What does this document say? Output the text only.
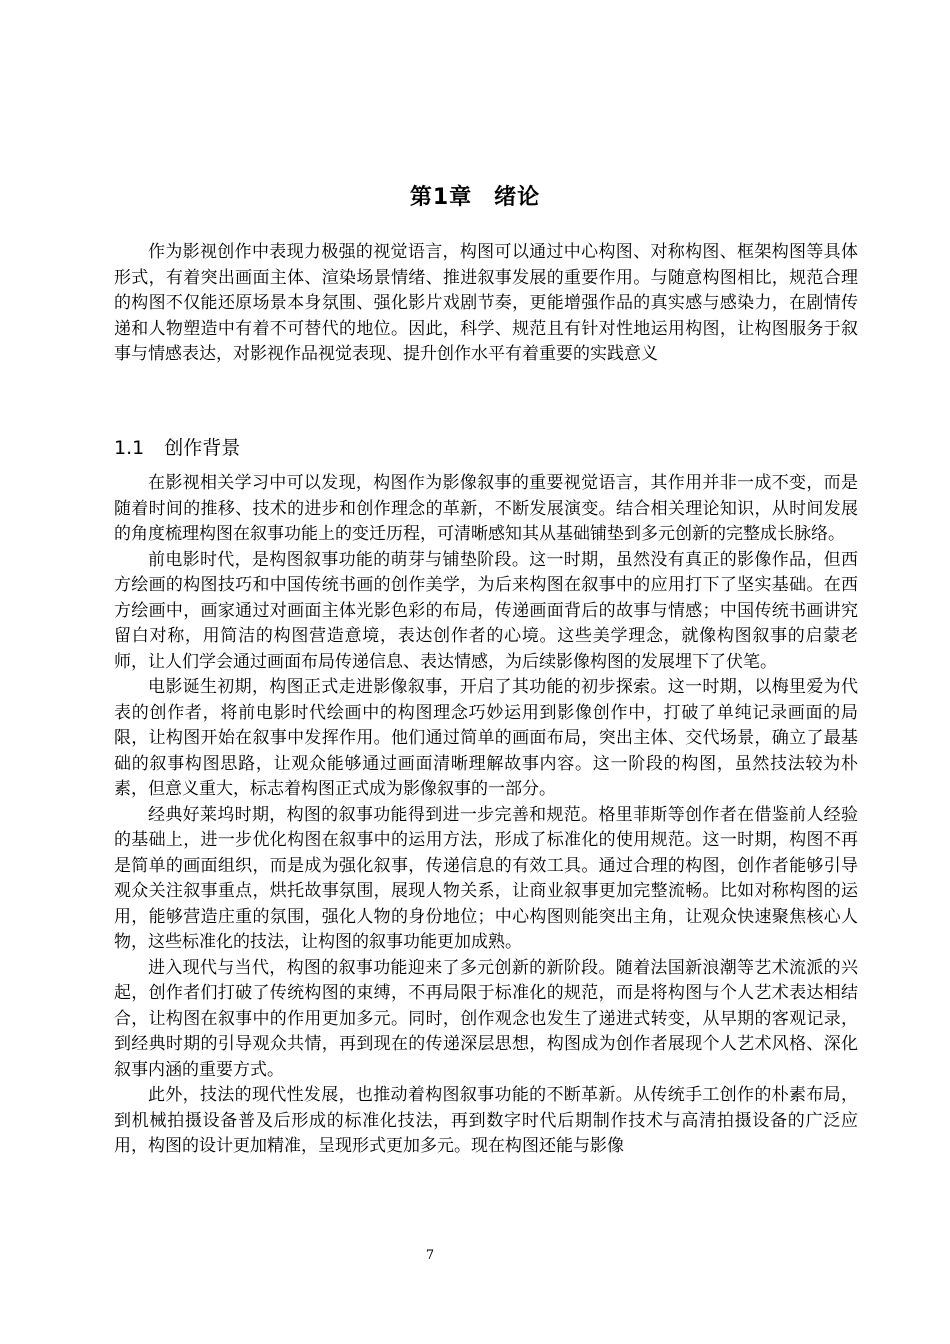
第1章 绪论

作为影视创作中表现力极强的视觉语言，构图可以通过中心构图、对称构图、框架构图等具体形式，有着突出画面主体、渲染场景情绪、推进叙事发展的重要作用。与随意构图相比，规范合理的构图不仅能还原场景本身氛围、强化影片戏剧节奏，更能增强作品的真实感与感染力，在剧情传递和人物塑造中有着不可替代的地位。因此，科学、规范且有针对性地运用构图，让构图服务于叙事与情感表达，对影视作品视觉表现、提升创作水平有着重要的实践意义

1.1 创作背景

在影视相关学习中可以发现，构图作为影像叙事的重要视觉语言，其作用并非一成不变，而是随着时间的推移、技术的进步和创作理念的革新，不断发展演变。结合相关理论知识，从时间发展的角度梳理构图在叙事功能上的变迁历程，可清晰感知其从基础铺垫到多元创新的完整成长脉络。

前电影时代，是构图叙事功能的萌芽与铺垫阶段。这一时期，虽然没有真正的影像作品，但西方绘画的构图技巧和中国传统书画的创作美学，为后来构图在叙事中的应用打下了坚实基础。在西方绘画中，画家通过对画面主体光影色彩的布局，传递画面背后的故事与情感；中国传统书画讲究留白对称，用简洁的构图营造意境，表达创作者的心境。这些美学理念，就像构图叙事的启蒙老师，让人们学会通过画面布局传递信息、表达情感，为后续影像构图的发展埋下了伏笔。

电影诞生初期，构图正式走进影像叙事，开启了其功能的初步探索。这一时期，以梅里爱为代表的创作者，将前电影时代绘画中的构图理念巧妙运用到影像创作中，打破了单纯记录画面的局限，让构图开始在叙事中发挥作用。他们通过简单的画面布局，突出主体、交代场景，确立了最基础的叙事构图思路，让观众能够通过画面清晰理解故事内容。这一阶段的构图，虽然技法较为朴素，但意义重大，标志着构图正式成为影像叙事的一部分。

经典好莱坞时期，构图的叙事功能得到进一步完善和规范。格里菲斯等创作者在借鉴前人经验的基础上，进一步优化构图在叙事中的运用方法，形成了标准化的使用规范。这一时期，构图不再是简单的画面组织，而是成为强化叙事，传递信息的有效工具。通过合理的构图，创作者能够引导观众关注叙事重点，烘托故事氛围，展现人物关系，让商业叙事更加完整流畅。比如对称构图的运用，能够营造庄重的氛围，强化人物的身份地位；中心构图则能突出主角，让观众快速聚焦核心人物，这些标准化的技法，让构图的叙事功能更加成熟。

进入现代与当代，构图的叙事功能迎来了多元创新的新阶段。随着法国新浪潮等艺术流派的兴起，创作者们打破了传统构图的束缚，不再局限于标准化的规范，而是将构图与个人艺术表达相结合，让构图在叙事中的作用更加多元。同时，创作观念也发生了递进式转变，从早期的客观记录，到经典时期的引导观众共情，再到现在的传递深层思想，构图成为创作者展现个人艺术风格、深化叙事内涵的重要方式。

此外，技法的现代性发展，也推动着构图叙事功能的不断革新。从传统手工创作的朴素布局，到机械拍摄设备普及后形成的标准化技法，再到数字时代后期制作技术与高清拍摄设备的广泛应用，构图的设计更加精准，呈现形式更加多元。现在构图还能与影像

7
